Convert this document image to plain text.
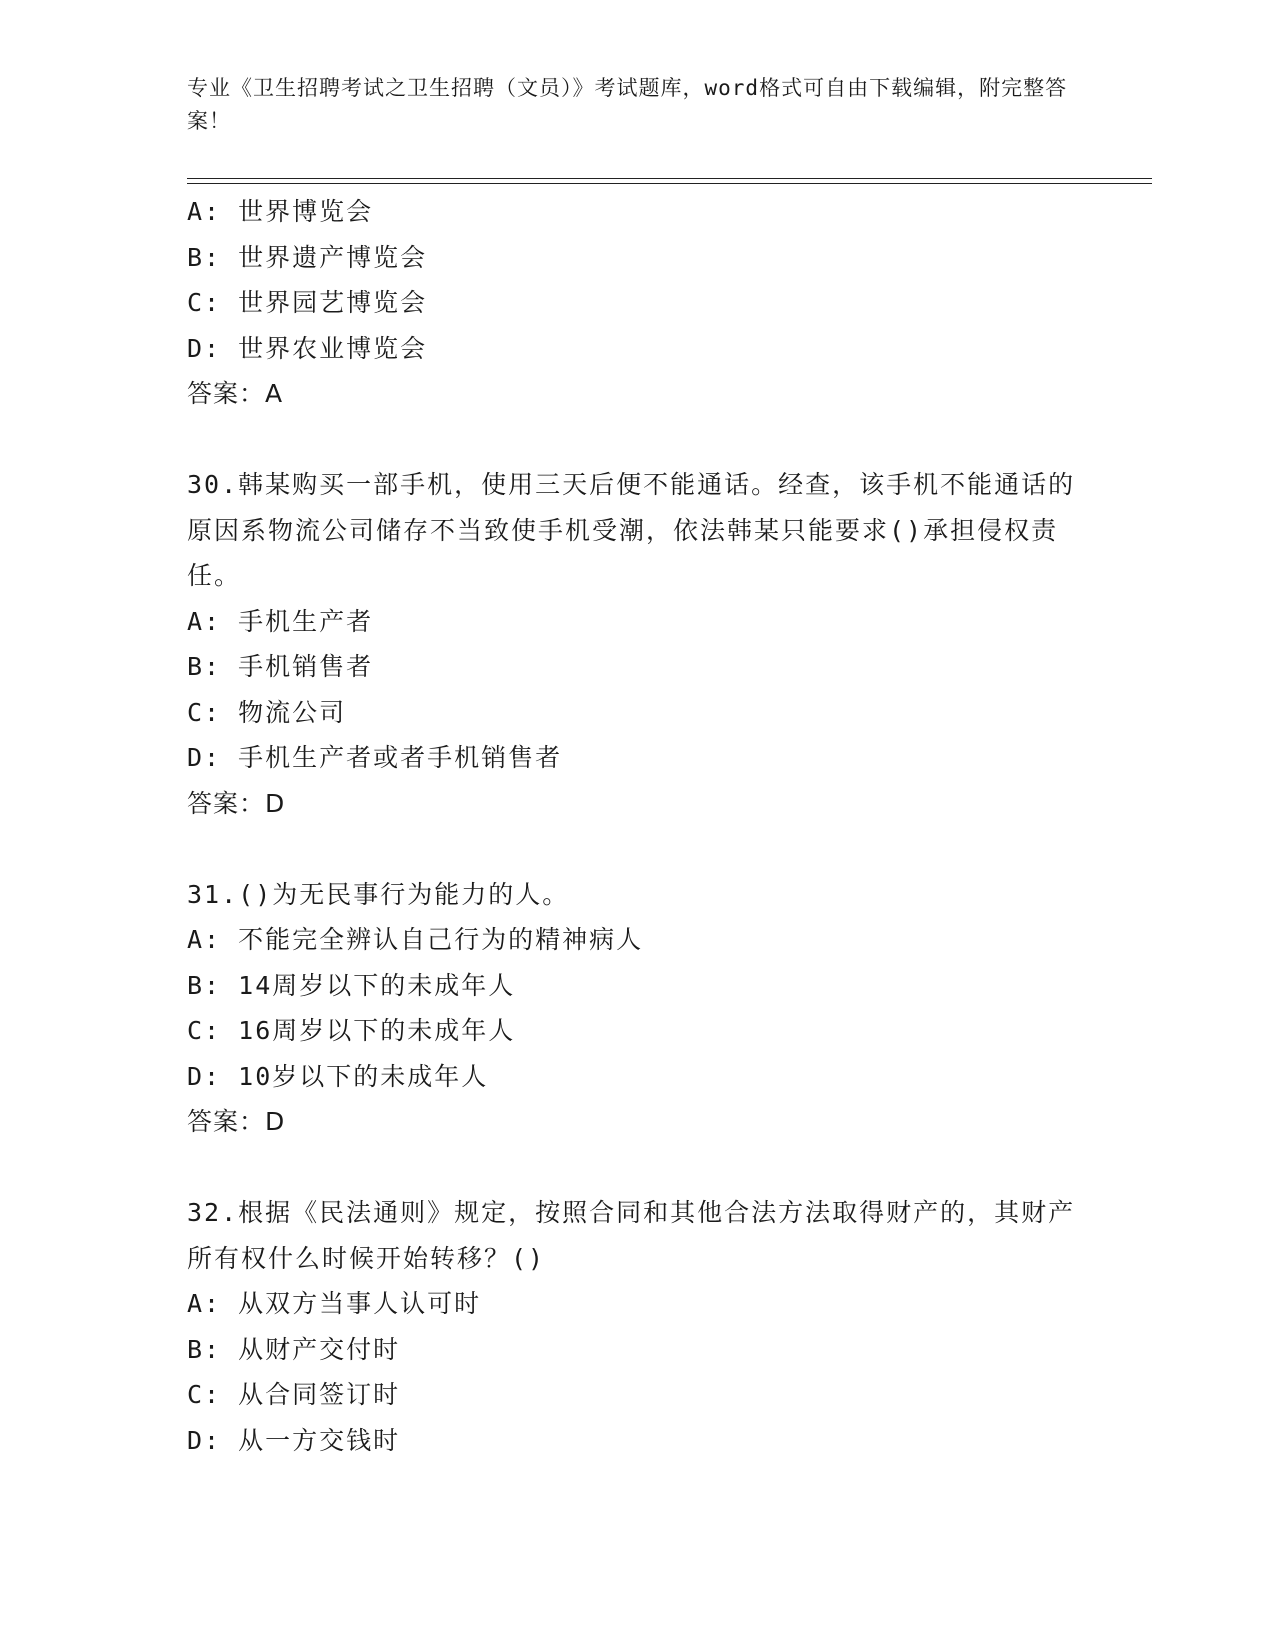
专业《卫生招聘考试之卫生招聘（文员）》考试题库，word格式可自由下载编辑，附完整答案！
A: 世界博览会
B: 世界遗产博览会
C: 世界园艺博览会
D: 世界农业博览会
答案：A
30.韩某购买一部手机，使用三天后便不能通话。经查，该手机不能通话的原因系物流公司储存不当致使手机受潮，依法韩某只能要求()承担侵权责任。
A: 手机生产者
B: 手机销售者
C: 物流公司
D: 手机生产者或者手机销售者
答案：D
31.()为无民事行为能力的人。
A: 不能完全辨认自己行为的精神病人
B: 14周岁以下的未成年人
C: 16周岁以下的未成年人
D: 10岁以下的未成年人
答案：D
32.根据《民法通则》规定，按照合同和其他合法方法取得财产的，其财产所有权什么时候开始转移？()
A: 从双方当事人认可时
B: 从财产交付时
C: 从合同签订时
D: 从一方交钱时
